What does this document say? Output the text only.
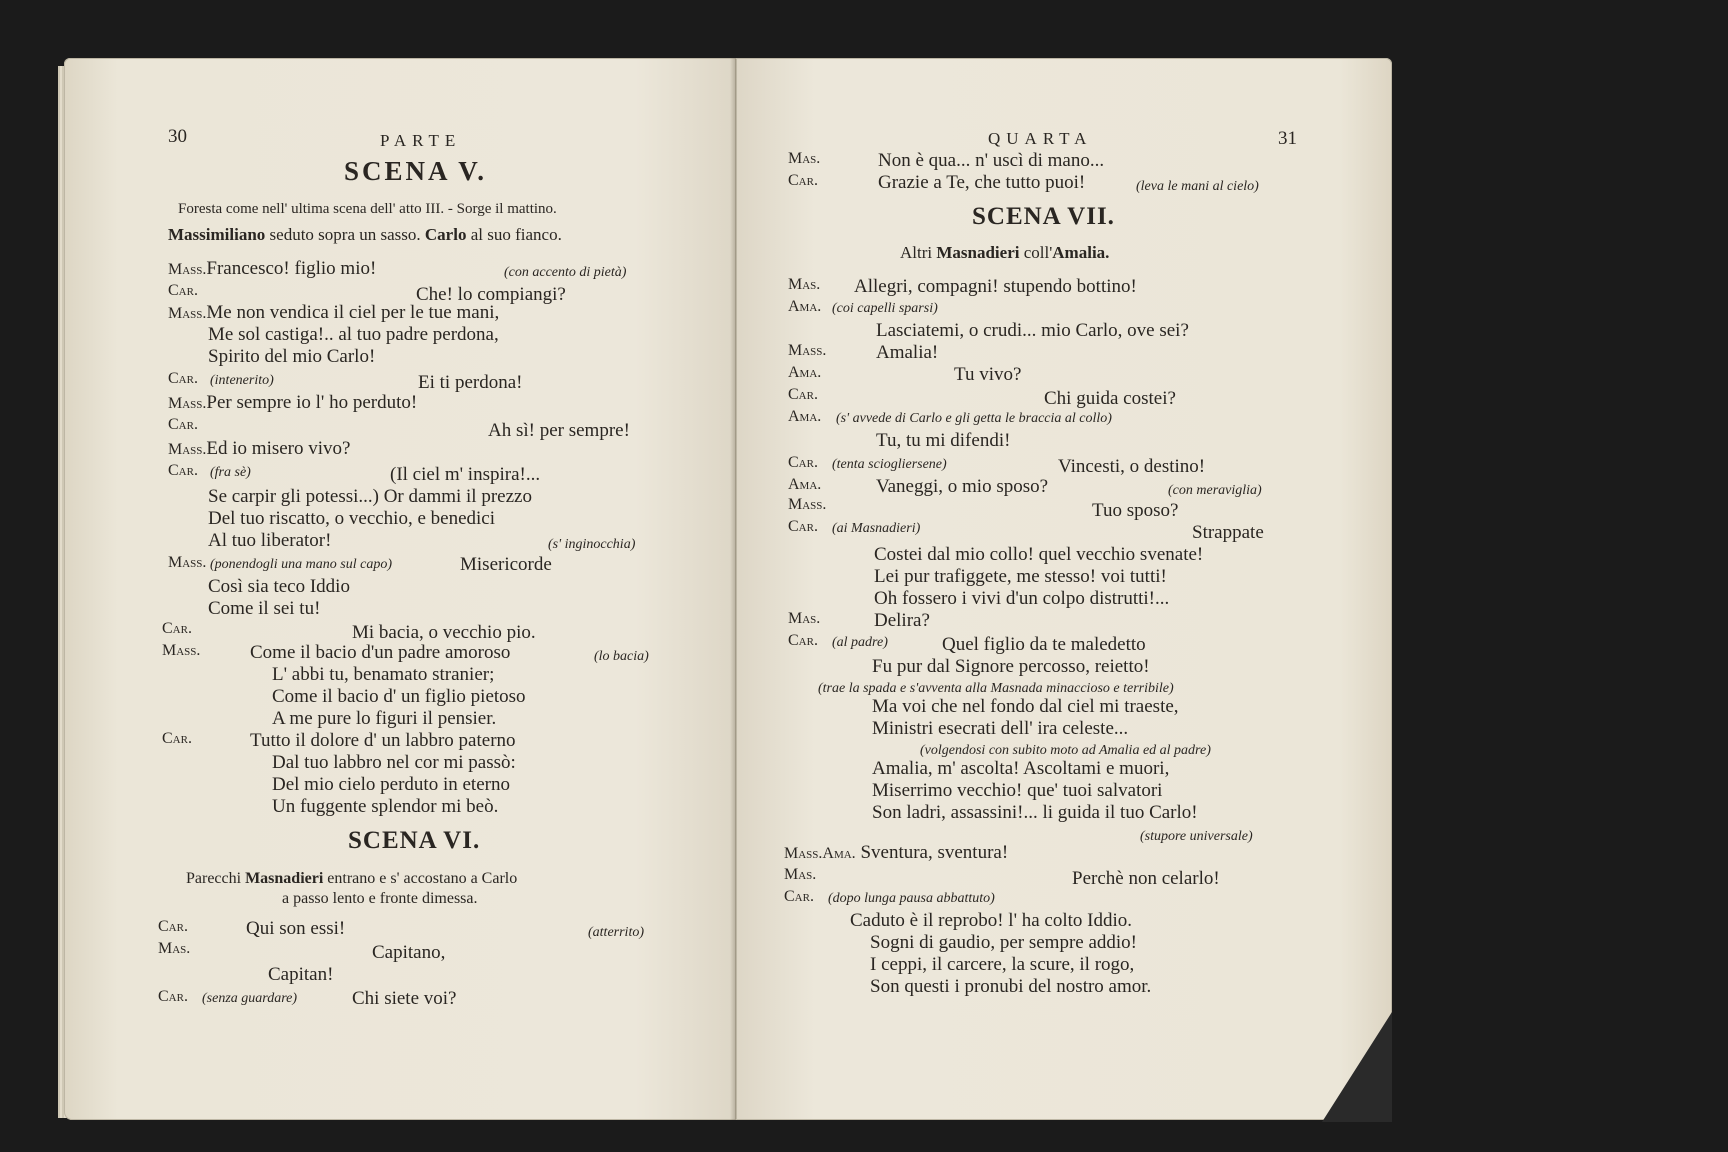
30	PARTE
SCENA V.
Foresta come nell' ultima scena dell' atto III. - Sorge il mattino.
Massimiliano seduto sopra un sasso. Carlo al suo fianco.
Mass.Francesco! figlio mio!	(con accento di pietà)
Car.	Che! lo compiangi?
Mass.Me non vendica il ciel per le tue mani,
Me sol castiga!.. al tuo padre perdona,
Spirito del mio Carlo!
Car. (intenerito)	Ei ti perdona!
Mass.Per sempre io l' ho perduto!
Car.	Ah sì! per sempre!
Mass.Ed io misero vivo?
Car. (fra sè)	(Il ciel m' inspira!...
Se carpir gli potessi...) Or dammi il prezzo
Del tuo riscatto, o vecchio, e benedici
Al tuo liberator!	(s' inginocchia)
Mass. (ponendogli una mano sul capo)	Misericorde
Così sia teco Iddio
Come il sei tu!
Car.	Mi bacia, o vecchio pio.
Mass.	Come il bacio d'un padre amoroso	(lo bacia)
L' abbi tu, benamato stranier;
Come il bacio d' un figlio pietoso
A me pure lo figuri il pensier.
Car.	Tutto il dolore d' un labbro paterno
Dal tuo labbro nel cor mi passò:
Del mio cielo perduto in eterno
Un fuggente splendor mi beò.
SCENA VI.
Parecchi Masnadieri entrano e s' accostano a Carlo
a passo lento e fronte dimessa.
Car.	Qui son essi!	(atterrito)
Mas.	Capitano,
Capitan!
Car. (senza guardare)	Chi siete voi?
QUARTA	31
Mas.	Non è qua... n' uscì di mano...
Car.	Grazie a Te, che tutto puoi!	(leva le mani al cielo)
SCENA VII.
Altri Masnadieri coll'Amalia.
Mas. Allegri, compagni! stupendo bottino!
Ama. (coi capelli sparsi)
Lasciatemi, o crudi... mio Carlo, ove sei?
Mass.	Amalia!
Ama.	Tu vivo?
Car.	Chi guida costei?
Ama. (s' avvede di Carlo e gli getta le braccia al collo)
Tu, tu mi difendi!
Car. (tenta sciogliersene)	Vincesti, o destino!
Ama.	Vaneggi, o mio sposo?	(con meraviglia)
Mass.	Tuo sposo?
Car. (ai Masnadieri)	Strappate
Costei dal mio collo! quel vecchio svenate!
Lei pur trafiggete, me stesso! voi tutti!
Oh fossero i vivi d'un colpo distrutti!...
Mas.	Delira?
Car. (al padre)	Quel figlio da te maledetto
Fu pur dal Signore percosso, reietto!
(trae la spada e s'avventa alla Masnada minaccioso e terribile)
Ma voi che nel fondo dal ciel mi traeste,
Ministri esecrati dell' ira celeste...
(volgendosi con subito moto ad Amalia ed al padre)
Amalia, m' ascolta! Ascoltami e muori,
Miserrimo vecchio! que' tuoi salvatori
Son ladri, assassini!... li guida il tuo Carlo!
(stupore universale)
Mass.Ama. Sventura, sventura!
Mas.	Perchè non celarlo!
Car. (dopo lunga pausa abbattuto)
Caduto è il reprobo! l' ha colto Iddio.
Sogni di gaudio, per sempre addio!
I ceppi, il carcere, la scure, il rogo,
Son questi i pronubi del nostro amor.
